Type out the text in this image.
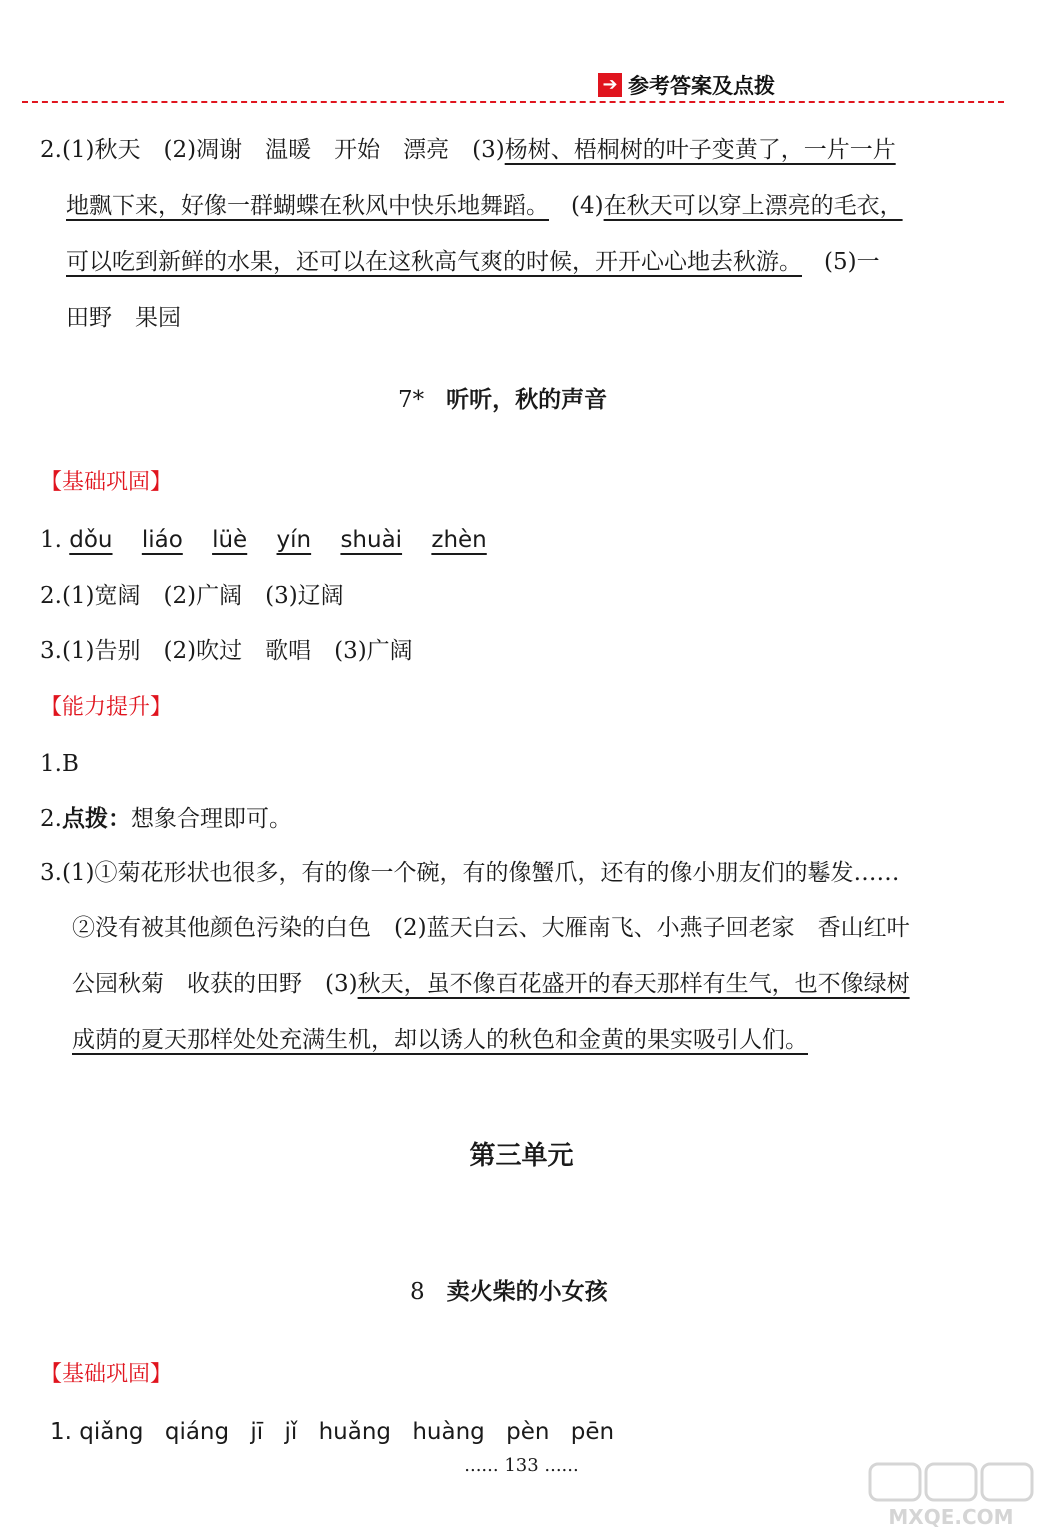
➔ 参考答案及点拨
2.(1)秋天　(2)凋谢　温暖　开始　漂亮　(3)杨树、梧桐树的叶子变黄了，一片一片
地飘下来，好像一群蝴蝶在秋风中快乐地舞蹈。 (4)在秋天可以穿上漂亮的毛衣，
可以吃到新鲜的水果，还可以在这秋高气爽的时候，开开心心地去秋游。 (5)一
田野　果园
7* 听听，秋的声音
【基础巩固】
1. dǒu liáo lüè yín shuài zhèn
2.(1)宽阔　(2)广阔　(3)辽阔
3.(1)告别　(2)吹过　歌唱　(3)广阔
【能力提升】
1.B
2.点拨：想象合理即可。
3.(1)①菊花形状也很多，有的像一个碗，有的像蟹爪，还有的像小朋友们的鬈发……
②没有被其他颜色污染的白色　(2)蓝天白云、大雁南飞、小燕子回老家　香山红叶
公园秋菊　收获的田野　(3)秋天，虽不像百花盛开的春天那样有生气，也不像绿树
成荫的夏天那样处处充满生机，却以诱人的秋色和金黄的果实吸引人们。
第三单元
8 卖火柴的小女孩
【基础巩固】
1. qiǎng qiáng jī jǐ huǎng huàng pèn pēn
...... 133 ......
MXQE.COM
